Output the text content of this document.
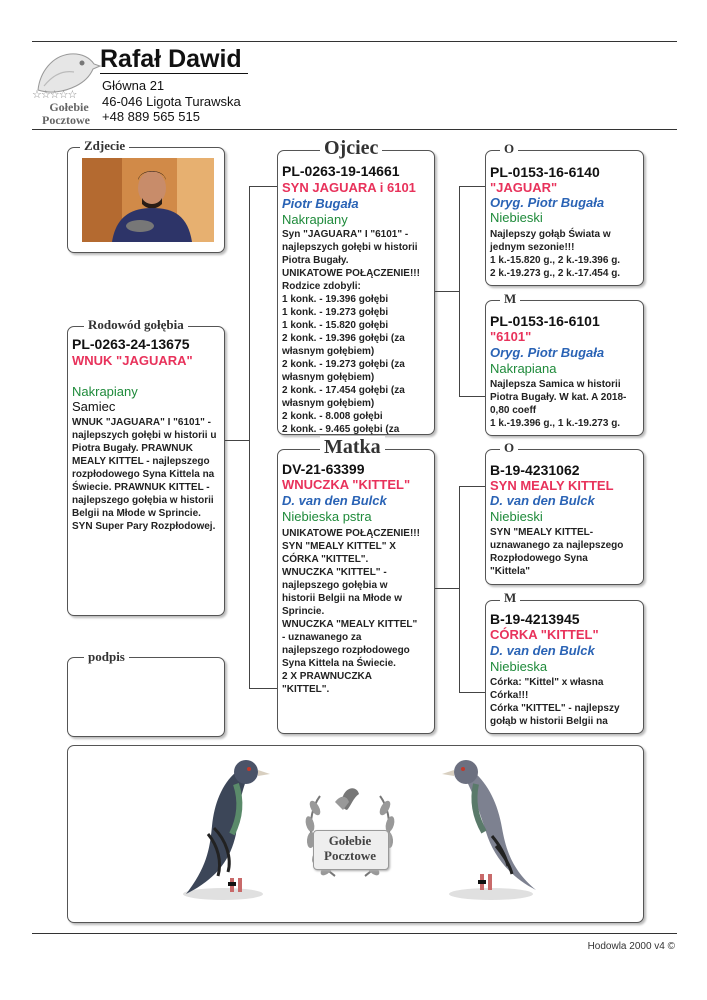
☆☆☆☆☆
Gołebie
Pocztowe
Rafał Dawid
Główna 21
46-046 Ligota Turawska
+48 889 565 515
Zdjecie
Rodowód gołębia
PL-0263-24-13675
WNUK "JAGUARA"
Nakrapiany
Samiec
WNUK "JAGUARA" I "6101" - najlepszych gołębi w historii u Piotra Bugały. PRAWNUK MEALY KITTEL - najlepszego rozpłodowego Syna Kittela na Świecie. PRAWNUK KITTEL - najlepszego gołębia w historii Belgii na Młode w Sprincie. SYN Super Pary Rozpłodowej.
podpis
Ojciec
PL-0263-19-14661
SYN JAGUARA i 6101
Piotr Bugała
Nakrapiany
Syn "JAGUARA" I "6101" -
najlepszych gołębi w historii
Piotra Bugały.
UNIKATOWE POŁĄCZENIE!!!
Rodzice zdobyli:
1 konk. - 19.396 gołębi
1 konk. - 19.273 gołębi
1 konk. - 15.820 gołębi
2 konk. - 19.396 gołębi (za
własnym gołębiem)
2 konk. - 19.273 gołębi (za
własnym gołębiem)
2 konk. - 17.454 gołębi (za
własnym gołębiem)
2 konk. - 8.008 gołębi
2 konk. - 9.465 gołębi (za
Matka
DV-21-63399
WNUCZKA "KITTEL"
D. van den Bulck
Niebieska pstra
UNIKATOWE POŁĄCZENIE!!!
SYN "MEALY KITTEL" X
CÓRKA "KITTEL".
WNUCZKA "KITTEL" -
najlepszego gołębia w
historii Belgii na Młode w
Sprincie.
WNUCZKA "MEALY KITTEL"
- uznawanego za
najlepszego rozpłodowego
Syna Kittela na Świecie.
2 X PRAWNUCZKA
"KITTEL".
O
PL-0153-16-6140
"JAGUAR"
Oryg. Piotr Bugała
Niebieski
Najlepszy gołąb Świata w
jednym sezonie!!!
1 k.-15.820 g., 2 k.-19.396 g.
2 k.-19.273 g., 2 k.-17.454 g.
M
PL-0153-16-6101
"6101"
Oryg. Piotr Bugała
Nakrapiana
Najlepsza Samica w historii
Piotra Bugały. W kat. A 2018-
0,80 coeff
1 k.-19.396 g., 1 k.-19.273 g.
O
B-19-4231062
SYN MEALY KITTEL
D. van den Bulck
Niebieski
SYN "MEALY KITTEL-
uznawanego za najlepszego
Rozpłodowego Syna
"Kittela"
M
B-19-4213945
CÓRKA "KITTEL"
D. van den Bulck
Niebieska
Córka: "Kittel" x własna
Córka!!!
Córka "KITTEL" - najlepszy
gołąb w historii Belgii na
Gołebie
Pocztowe
Hodowla 2000 v4 ©
